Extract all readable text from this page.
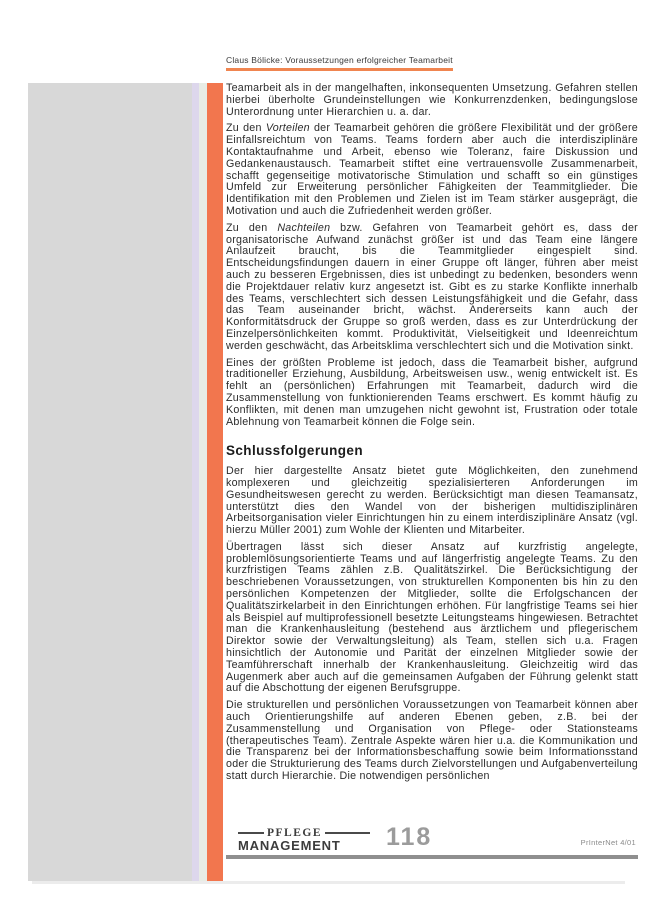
Claus Bölicke: Voraussetzungen erfolgreicher Teamarbeit

Teamarbeit als in der mangelhaften, inkonsequenten Umsetzung. Gefahren stellen hierbei überholte Grundeinstellungen wie Konkurrenzdenken, bedingungslose Unterordnung unter Hierarchien u. a. dar.

Zu den Vorteilen der Teamarbeit gehören die größere Flexibilität und der größere Einfallsreichtum von Teams. Teams fordern aber auch die interdisziplinäre Kontaktaufnahme und Arbeit, ebenso wie Toleranz, faire Diskussion und Gedankenaustausch. Teamarbeit stiftet eine vertrauensvolle Zusammenarbeit, schafft gegenseitige motivatorische Stimulation und schafft so ein günstiges Umfeld zur Erweiterung persönlicher Fähigkeiten der Teammitglieder. Die Identifikation mit den Problemen und Zielen ist im Team stärker ausgeprägt, die Motivation und auch die Zufriedenheit werden größer.

Zu den Nachteilen bzw. Gefahren von Teamarbeit gehört es, dass der organisatorische Aufwand zunächst größer ist und das Team eine längere Anlaufzeit braucht, bis die Teammitglieder eingespielt sind. Entscheidungsfindungen dauern in einer Gruppe oft länger, führen aber meist auch zu besseren Ergebnissen, dies ist unbedingt zu bedenken, besonders wenn die Projektdauer relativ kurz angesetzt ist. Gibt es zu starke Konflikte innerhalb des Teams, verschlechtert sich dessen Leistungsfähigkeit und die Gefahr, dass das Team auseinander bricht, wächst. Andererseits kann auch der Konformitätsdruck der Gruppe so groß werden, dass es zur Unterdrückung der Einzelpersönlichkeiten kommt. Produktivität, Vielseitigkeit und Ideenreichtum werden geschwächt, das Arbeitsklima verschlechtert sich und die Motivation sinkt.

Eines der größten Probleme ist jedoch, dass die Teamarbeit bisher, aufgrund traditioneller Erziehung, Ausbildung, Arbeitsweisen usw., wenig entwickelt ist. Es fehlt an (persönlichen) Erfahrungen mit Teamarbeit, dadurch wird die Zusammenstellung von funktionierenden Teams erschwert. Es kommt häufig zu Konflikten, mit denen man umzugehen nicht gewohnt ist, Frustration oder totale Ablehnung von Teamarbeit können die Folge sein.

Schlussfolgerungen

Der hier dargestellte Ansatz bietet gute Möglichkeiten, den zunehmend komplexeren und gleichzeitig spezialisierteren Anforderungen im Gesundheitswesen gerecht zu werden. Berücksichtigt man diesen Teamansatz, unterstützt dies den Wandel von der bisherigen multidisziplinären Arbeitsorganisation vieler Einrichtungen hin zu einem interdisziplinäre Ansatz (vgl. hierzu Müller 2001) zum Wohle der Klienten und Mitarbeiter.

Übertragen lässt sich dieser Ansatz auf kurzfristig angelegte, problemlösungsorientierte Teams und auf längerfristig angelegte Teams. Zu den kurzfristigen Teams zählen z.B. Qualitätszirkel. Die Berücksichtigung der beschriebenen Voraussetzungen, von strukturellen Komponenten bis hin zu den persönlichen Kompetenzen der Mitglieder, sollte die Erfolgschancen der Qualitätszirkelarbeit in den Einrichtungen erhöhen. Für langfristige Teams sei hier als Beispiel auf multiprofessionell besetzte Leitungsteams hingewiesen. Betrachtet man die Krankenhausleitung (bestehend aus ärztlichem und pflegerischem Direktor sowie der Verwaltungsleitung) als Team, stellen sich u.a. Fragen hinsichtlich der Autonomie und Parität der einzelnen Mitglieder sowie der Teamführerschaft innerhalb der Krankenhausleitung. Gleichzeitig wird das Augenmerk aber auch auf die gemeinsamen Aufgaben der Führung gelenkt statt auf die Abschottung der eigenen Berufsgruppe.

Die strukturellen und persönlichen Voraussetzungen von Teamarbeit können aber auch Orientierungshilfe auf anderen Ebenen geben, z.B. bei der Zusammenstellung und Organisation von Pflege- oder Stationsteams (therapeutisches Team). Zentrale Aspekte wären hier u.a. die Kommunikation und die Transparenz bei der Informationsbeschaffung sowie beim Informationsstand oder die Strukturierung des Teams durch Zielvorstellungen und Aufgabenverteilung statt durch Hierarchie. Die notwendigen persönlichen

PFLEGE
MANAGEMENT	118	PrInterNet 4/01
